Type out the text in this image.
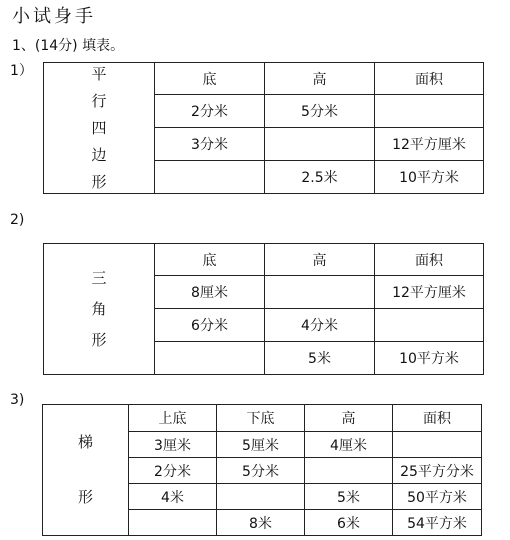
小试身手
1、(14分) 填表。
1）	平
行
四
边
形	底	高	面积
	2分米	5分米	
	3分米		12平方厘米
		2.5米	10平方米
2)
三
角
形	底	高	面积
	8厘米		12平方厘米
	6分米	4分米	
		5米	10平方米
3)
梯
形	上底	下底	高	面积
	3厘米	5厘米	4厘米	
	2分米	5分米		25平方分米
	4米		5米	50平方米
		8米	6米	54平方米
